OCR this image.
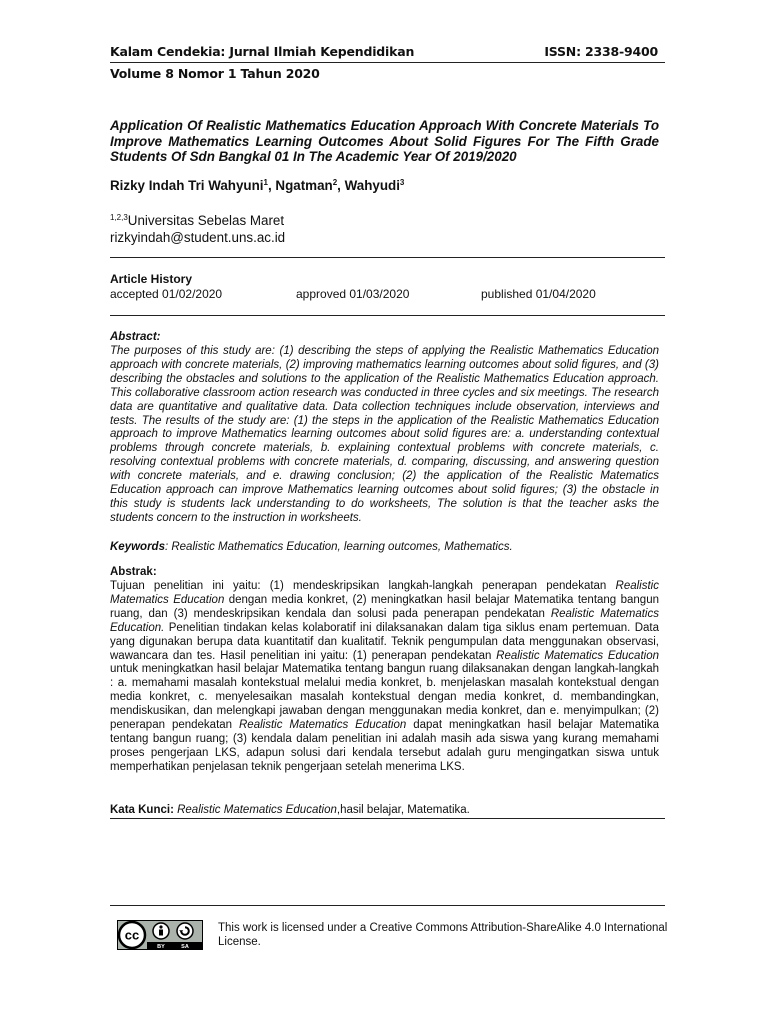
Kalam Cendekia: Jurnal Ilmiah Kependidikan	ISSN: 2338-9400
Volume 8 Nomor 1 Tahun 2020
Application Of Realistic Mathematics Education Approach With Concrete Materials To Improve Mathematics Learning Outcomes About Solid Figures For The Fifth Grade Students Of Sdn Bangkal 01 In The Academic Year Of 2019/2020
Rizky Indah Tri Wahyuni$^1$, Ngatman$^2$, Wahyudi$^3$
$^{1,2,3}$Universitas Sebelas Maret
rizkyindah@student.uns.ac.id
Article History
accepted 01/02/2020	approved 01/03/2020	published 01/04/2020
Abstract:
The purposes of this study are: (1) describing the steps of applying the Realistic Mathematics Education approach with concrete materials, (2) improving mathematics learning outcomes about solid figures, and (3) describing the obstacles and solutions to the application of the Realistic Mathematics Education approach. This collaborative classroom action research was conducted in three cycles and six meetings. The research data are quantitative and qualitative data. Data collection techniques include observation, interviews and tests. The results of the study are: (1) the steps in the application of the Realistic Mathematics Education approach to improve Mathematics learning outcomes about solid figures are: a. understanding contextual problems through concrete materials, b. explaining contextual problems with concrete materials, c. resolving contextual problems with concrete materials, d. comparing, discussing, and answering question with concrete materials, and e. drawing conclusion; (2) the application of the Realistic Matematics Education approach can improve Mathematics learning outcomes about solid figures; (3) the obstacle in this study is students lack understanding to do worksheets, The solution is that the teacher asks the students concern to the instruction in worksheets.
Keywords: Realistic Mathematics Education, learning outcomes, Mathematics.
Abstrak:
Tujuan penelitian ini yaitu: (1) mendeskripsikan langkah-langkah penerapan pendekatan Realistic Matematics Education dengan media konkret, (2) meningkatkan hasil belajar Matematika tentang bangun ruang, dan (3) mendeskripsikan kendala dan solusi pada penerapan pendekatan Realistic Matematics Education. Penelitian tindakan kelas kolaboratif ini dilaksanakan dalam tiga siklus enam pertemuan. Data yang digunakan berupa data kuantitatif dan kualitatif. Teknik pengumpulan data menggunakan observasi, wawancara dan tes. Hasil penelitian ini yaitu: (1) penerapan pendekatan Realistic Matematics Education untuk meningkatkan hasil belajar Matematika tentang bangun ruang dilaksanakan dengan langkah-langkah : a. memahami masalah kontekstual melalui media konkret, b. menjelaskan masalah kontekstual dengan media konkret, c. menyelesaikan masalah kontekstual dengan media konkret, d. membandingkan, mendiskusikan, dan melengkapi jawaban dengan menggunakan media konkret, dan e. menyimpulkan; (2) penerapan pendekatan Realistic Matematics Education dapat meningkatkan hasil belajar Matematika tentang bangun ruang; (3) kendala dalam penelitian ini adalah masih ada siswa yang kurang memahami proses pengerjaan LKS, adapun solusi dari kendala tersebut adalah guru mengingatkan siswa untuk memperhatikan penjelasan teknik pengerjaan setelah menerima LKS.
Kata Kunci: Realistic Matematics Education,hasil belajar, Matematika.
cc
BY	SA
This work is licensed under a Creative Commons Attribution-ShareAlike 4.0 International License.
